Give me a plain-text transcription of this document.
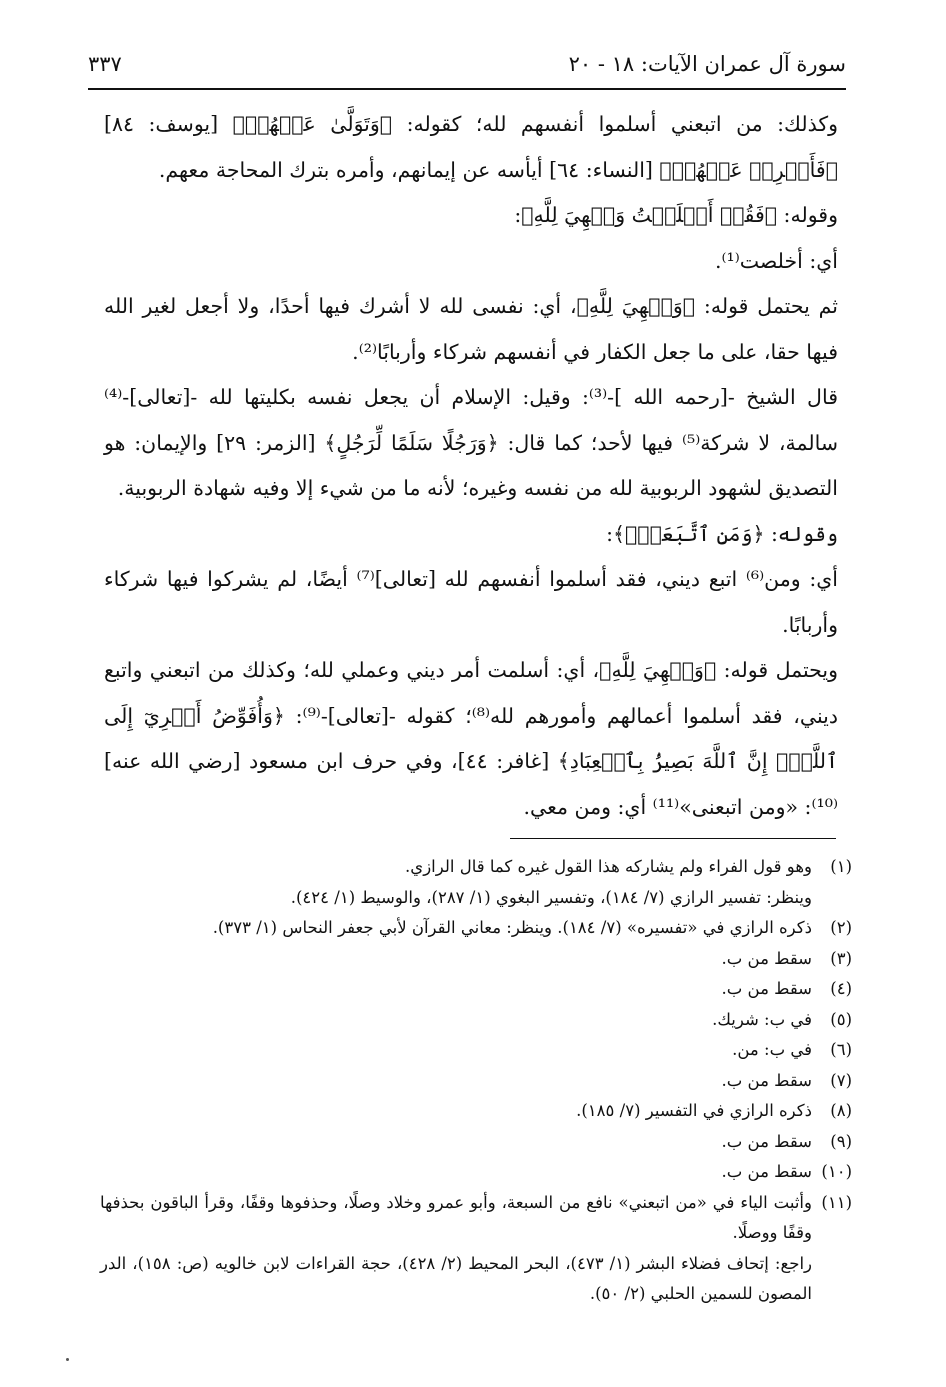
سورة آل عمران الآيات: ١٨ - ٢٠
٣٣٧

وكذلك: من اتبعني أسلموا أنفسهم لله؛ كقوله: ﴿وَتَوَلَّىٰ عَنۡهُمۡ﴾ [يوسف: ٨٤] ﴿فَأَعۡرِضۡ عَنۡهُمۡ﴾ [النساء: ٦٤] أيأسه عن إيمانهم، وأمره بترك المحاجة معهم.

وقوله: ﴿فَقُلۡ أَسۡلَمۡتُ وَجۡهِيَ لِلَّهِ﴾:

أي: أخلصت⁽¹⁾.

ثم يحتمل قوله: ﴿وَجۡهِيَ لِلَّهِ﴾، أي: نفسى لله لا أشرك فيها أحدًا، ولا أجعل لغير الله فيها حقا، على ما جعل الكفار في أنفسهم شركاء وأربابًا⁽²⁾.

قال الشيخ -[رحمه الله ]-⁽³⁾: وقيل: الإسلام أن يجعل نفسه بكليتها لله -[تعالى]-⁽⁴⁾ سالمة، لا شركة⁽⁵⁾ فيها لأحد؛ كما قال: ﴿وَرَجُلًا سَلَمًا لِّرَجُلٍ﴾ [الزمر: ٢٩] والإيمان: هو التصديق لشهود الربوبية لله من نفسه وغيره؛ لأنه ما من شيء إلا وفيه شهادة الربوبية.

وقوله: ﴿وَمَنِ ٱتَّبَعَنِۗ﴾:

أي: ومن⁽⁶⁾ اتبع ديني، فقد أسلموا أنفسهم لله [تعالى]⁽⁷⁾ أيضًا، لم يشركوا فيها شركاء وأربابًا.

ويحتمل قوله: ﴿وَجۡهِيَ لِلَّهِ﴾، أي: أسلمت أمر ديني وعملي لله؛ وكذلك من اتبعني واتبع ديني، فقد أسلموا أعمالهم وأمورهم لله⁽⁸⁾؛ كقوله -[تعالى]-⁽⁹⁾: ﴿وَأُفَوِّضُ أَمۡرِيٓ إِلَى ٱللَّهِۚ إِنَّ ٱللَّهَ بَصِيرُۢ بِٱلۡعِبَادِ﴾ [غافر: ٤٤]، وفي حرف ابن مسعود [رضي الله عنه]⁽¹⁰⁾: «ومن اتبعنى»⁽¹¹⁾ أي: ومن معي.

(١)
وهو قول الفراء ولم يشاركه هذا القول غيره كما قال الرازي.
وينظر: تفسير الرازي (٧/ ١٨٤)، وتفسير البغوي (١/ ٢٨٧)، والوسيط (١/ ٤٢٤).
(٢)
ذكره الرازي في «تفسيره» (٧/ ١٨٤). وينظر: معاني القرآن لأبي جعفر النحاس (١/ ٣٧٣).
(٣)
سقط من ب.
(٤)
سقط من ب.
(٥)
في ب: شريك.
(٦)
في ب: من.
(٧)
سقط من ب.
(٨)
ذكره الرازي في التفسير (٧/ ١٨٥).
(٩)
سقط من ب.
(١٠)
سقط من ب.
(١١)
وأثبت الياء في «من اتبعني» نافع من السبعة، وأبو عمرو وخلاد وصلًا، وحذفوها وقفًا، وقرأ الباقون بحذفها وقفًا ووصلًا.
راجع: إتحاف فضلاء البشر (١/ ٤٧٣)، البحر المحيط (٢/ ٤٢٨)، حجة القراءات لابن خالويه (ص: ١٥٨)، الدر المصون للسمين الحلبي (٢/ ٥٠).
